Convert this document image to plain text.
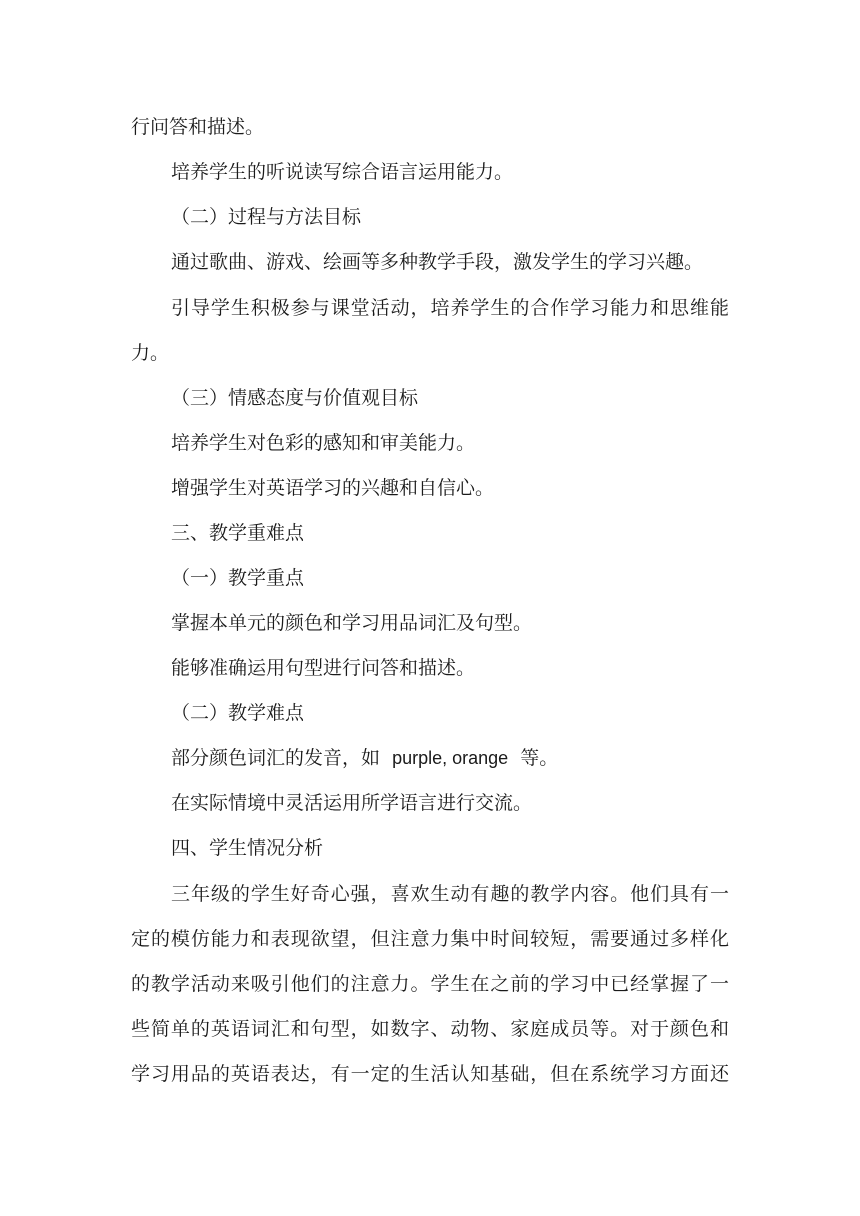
行问答和描述。
培养学生的听说读写综合语言运用能力。
（二）过程与方法目标
通过歌曲、游戏、绘画等多种教学手段，激发学生的学习兴趣。
引导学生积极参与课堂活动，培养学生的合作学习能力和思维能
力。
（三）情感态度与价值观目标
培养学生对色彩的感知和审美能力。
增强学生对英语学习的兴趣和自信心。
三、教学重难点
（一）教学重点
掌握本单元的颜色和学习用品词汇及句型。
能够准确运用句型进行问答和描述。
（二）教学难点
部分颜色词汇的发音，如 purple, orange 等。
在实际情境中灵活运用所学语言进行交流。
四、学生情况分析
三年级的学生好奇心强，喜欢生动有趣的教学内容。他们具有一
定的模仿能力和表现欲望，但注意力集中时间较短，需要通过多样化
的教学活动来吸引他们的注意力。学生在之前的学习中已经掌握了一
些简单的英语词汇和句型，如数字、动物、家庭成员等。对于颜色和
学习用品的英语表达，有一定的生活认知基础，但在系统学习方面还
